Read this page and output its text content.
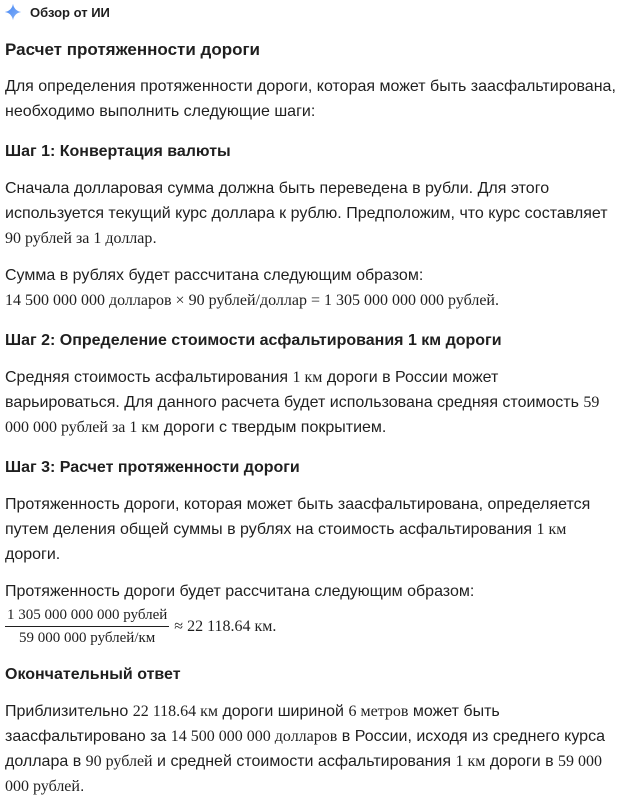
Обзор от ИИ
Расчет протяженности дороги

Для определения протяженности дороги, которая может быть заасфальтирована, необходимо выполнить следующие шаги:

Шаг 1: Конвертация валюты

Сначала долларовая сумма должна быть переведена в рубли. Для этого используется текущий курс доллара к рублю. Предположим, что курс составляет 90 рублей за 1 доллар.

Сумма в рублях будет рассчитана следующим образом:

14 500 000 000 долларов × 90 рублей/доллар = 1 305 000 000 000 рублей.

Шаг 2: Определение стоимости асфальтирования 1 км дороги

Средняя стоимость асфальтирования 1 км дороги в России может варьироваться. Для данного расчета будет использована средняя стоимость 59 000 000 рублей за 1 км дороги с твердым покрытием.

Шаг 3: Расчет протяженности дороги

Протяженность дороги, которая может быть заасфальтирована, определяется путем деления общей суммы в рублях на стоимость асфальтирования 1 км дороги.

Протяженность дороги будет рассчитана следующим образом:

$\frac{\text{1 305 000 000 000 рублей}}{\text{59 000 000 рублей/км}} \approx 22$ 118.64 км.
Окончательный ответ

Приблизительно 22 118.64 км дороги шириной 6 метров может быть заасфальтировано за 14 500 000 000 долларов в России, исходя из среднего курса доллара в 90 рублей и средней стоимости асфальтирования 1 км дороги в 59 000 000 рублей.
